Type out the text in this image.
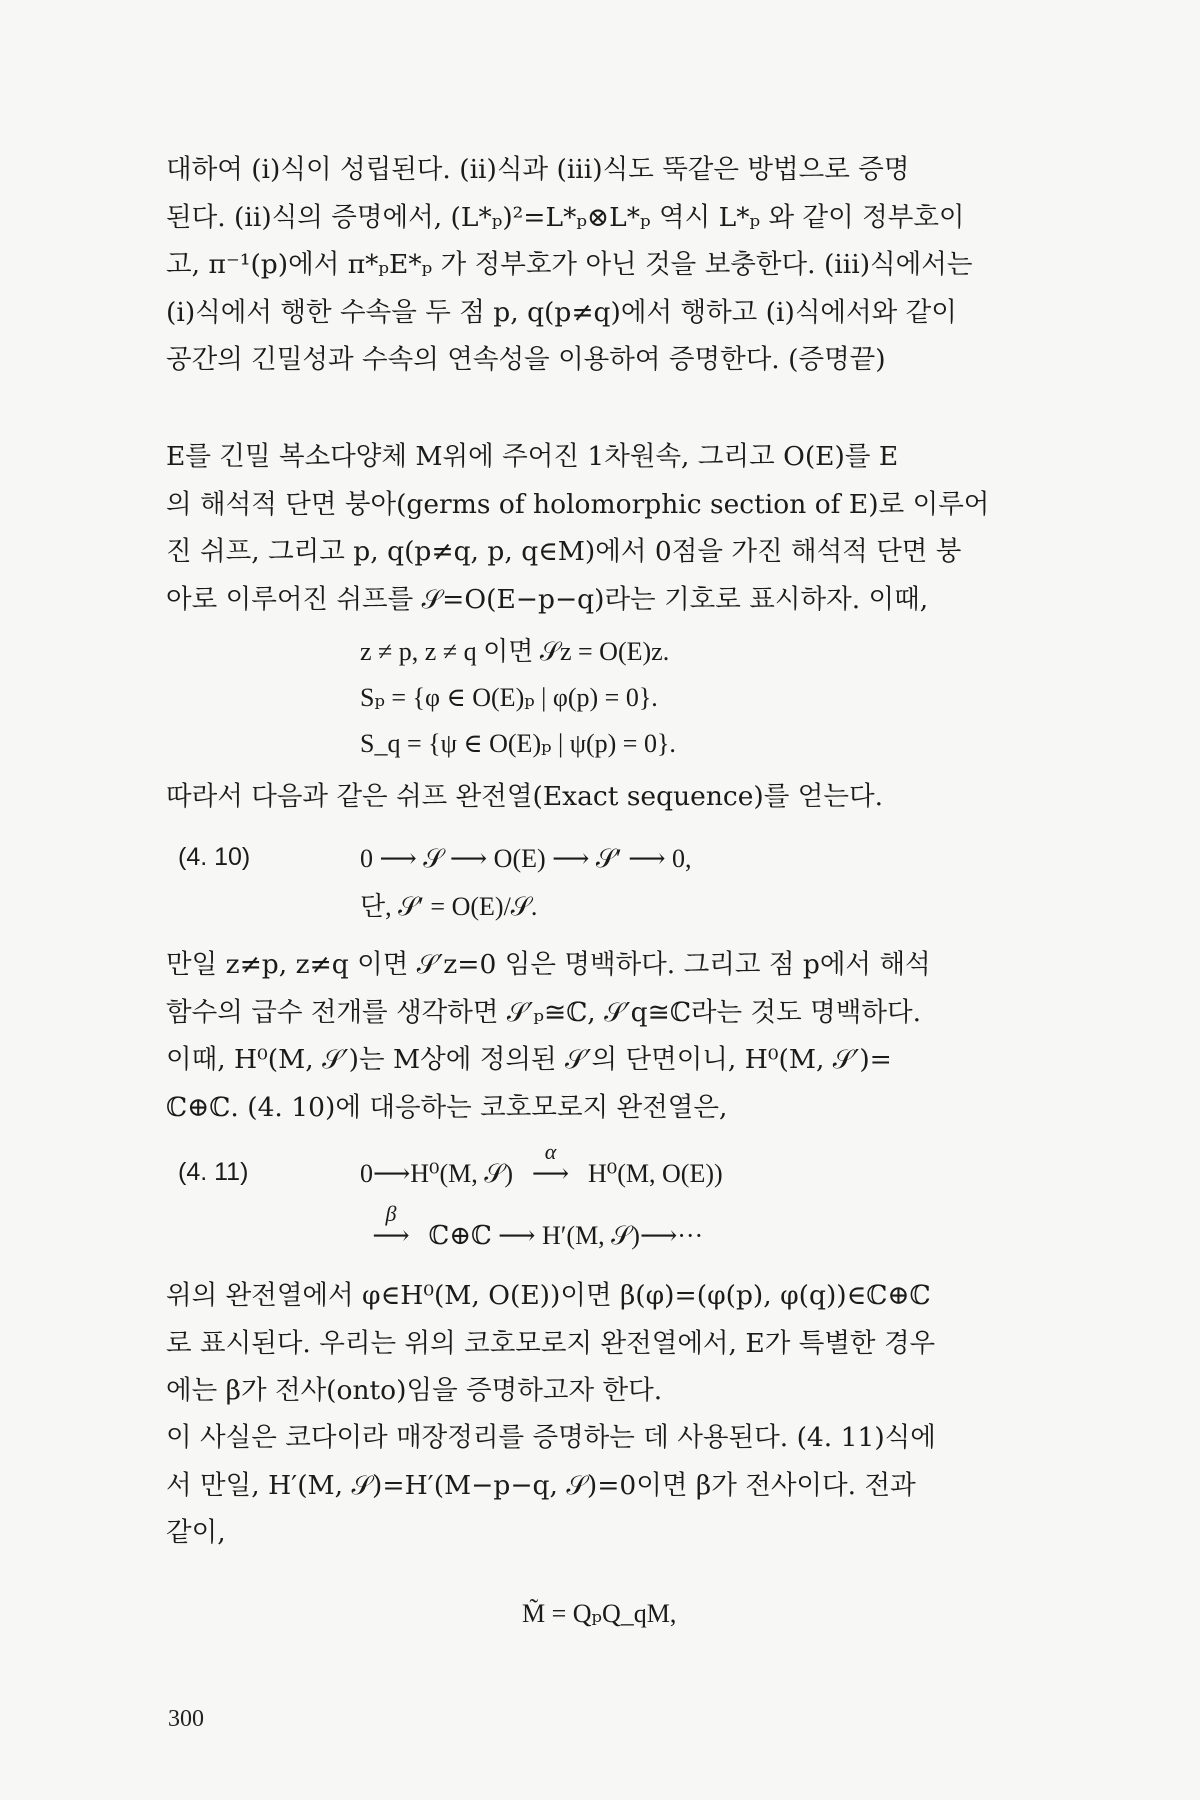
대하여 (i)식이 성립된다. (ii)식과 (iii)식도 뚝같은 방법으로 증명
된다. (ii)식의 증명에서, (L*ₚ)²=L*ₚ⊗L*ₚ 역시 L*ₚ 와 같이 정부호이
고, π⁻¹(p)에서 π*ₚE*ₚ 가 정부호가 아닌 것을 보충한다. (iii)식에서는
(i)식에서 행한 수속을 두 점 p, q(p≠q)에서 행하고 (i)식에서와 같이
공간의 긴밀성과 수속의 연속성을 이용하여 증명한다. (증명끝)
E를 긴밀 복소다양체 M위에 주어진 1차원속, 그리고 O(E)를 E
의 해석적 단면 붕아(germs of holomorphic section of E)로 이루어
진 쉬프, 그리고 p, q(p≠q, p, q∈M)에서 0점을 가진 해석적 단면 붕
아로 이루어진 쉬프를 𝒮=O(E−p−q)라는 기호로 표시하자. 이때,
z ≠ p, z ≠ q 이면 𝒮z = O(E)z.
Sₚ = {φ ∈ O(E)ₚ | φ(p) = 0}.
S_q = {ψ ∈ O(E)ₚ | ψ(p) = 0}.
따라서 다음과 같은 쉬프 완전열(Exact sequence)를 얻는다.
(4. 10)	0 ⟶ 𝒮 ⟶ O(E) ⟶ 𝒮′ ⟶ 0,
단, 𝒮′ = O(E)/𝒮.
만일 z≠p, z≠q 이면 𝒮′z=0 임은 명백하다. 그리고 점 p에서 해석
함수의 급수 전개를 생각하면 𝒮′ₚ≅ℂ, 𝒮′q≅ℂ라는 것도 명백하다.
이때, H⁰(M, 𝒮′)는 M상에 정의된 𝒮′의 단면이니, H⁰(M, 𝒮′)=
ℂ⊕ℂ. (4. 10)에 대응하는 코호모로지 완전열은,
(4. 11)	0⟶H⁰(M, 𝒮)
α
⟶ H⁰(M, O(E))
β
⟶ ℂ⊕ℂ ⟶ H′(M, 𝒮)⟶···
위의 완전열에서 φ∈H⁰(M, O(E))이면 β(φ)=(φ(p), φ(q))∈ℂ⊕ℂ
로 표시된다. 우리는 위의 코호모로지 완전열에서, E가 특별한 경우
에는 β가 전사(onto)임을 증명하고자 한다.
이 사실은 코다이라 매장정리를 증명하는 데 사용된다. (4. 11)식에
서 만일, H′(M, 𝒮)=H′(M−p−q, 𝒮)=0이면 β가 전사이다. 전과
같이,
M̃ = QₚQ_qM,
300
